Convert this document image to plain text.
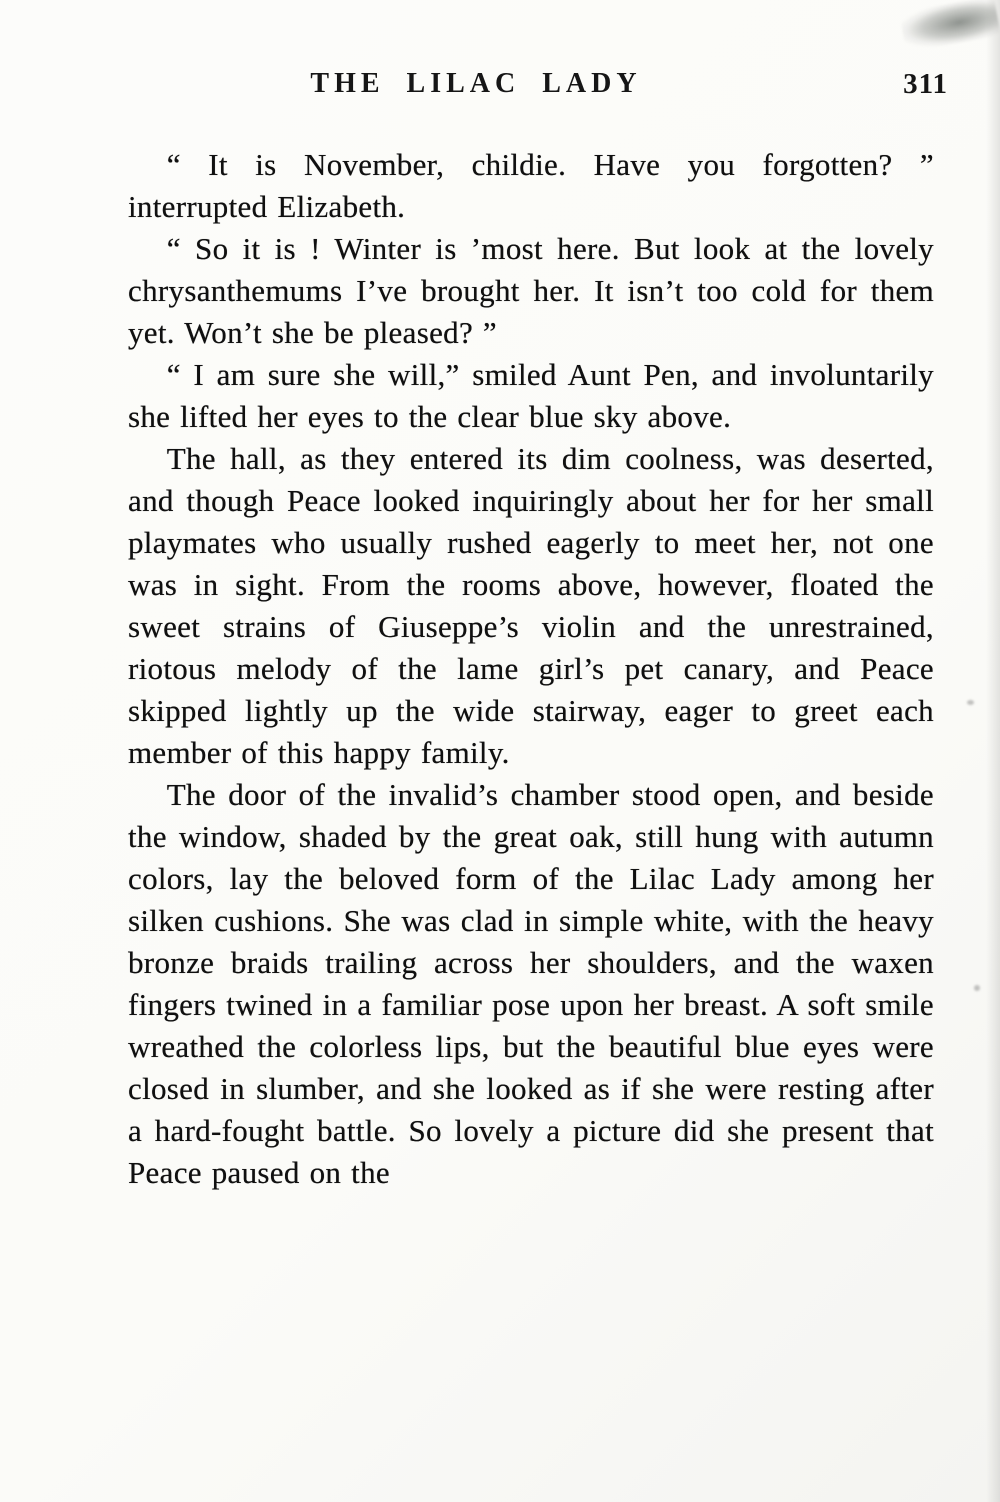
THE LILAC LADY	311

“ It is November, childie. Have you forgotten? ” interrupted Elizabeth.

“ So it is ! Winter is ’most here. But look at the lovely chrysanthemums I’ve brought her. It isn’t too cold for them yet. Won’t she be pleased? ”

“ I am sure she will,” smiled Aunt Pen, and involuntarily she lifted her eyes to the clear blue sky above.

The hall, as they entered its dim coolness, was deserted, and though Peace looked inquiringly about her for her small playmates who usually rushed eagerly to meet her, not one was in sight. From the rooms above, however, floated the sweet strains of Giuseppe’s violin and the unrestrained, riotous melody of the lame girl’s pet canary, and Peace skipped lightly up the wide stairway, eager to greet each member of this happy family.

The door of the invalid’s chamber stood open, and beside the window, shaded by the great oak, still hung with autumn colors, lay the beloved form of the Lilac Lady among her silken cushions. She was clad in simple white, with the heavy bronze braids trailing across her shoulders, and the waxen fingers twined in a familiar pose upon her breast. A soft smile wreathed the colorless lips, but the beautiful blue eyes were closed in slumber, and she looked as if she were resting after a hard-fought battle. So lovely a picture did she present that Peace paused on the
